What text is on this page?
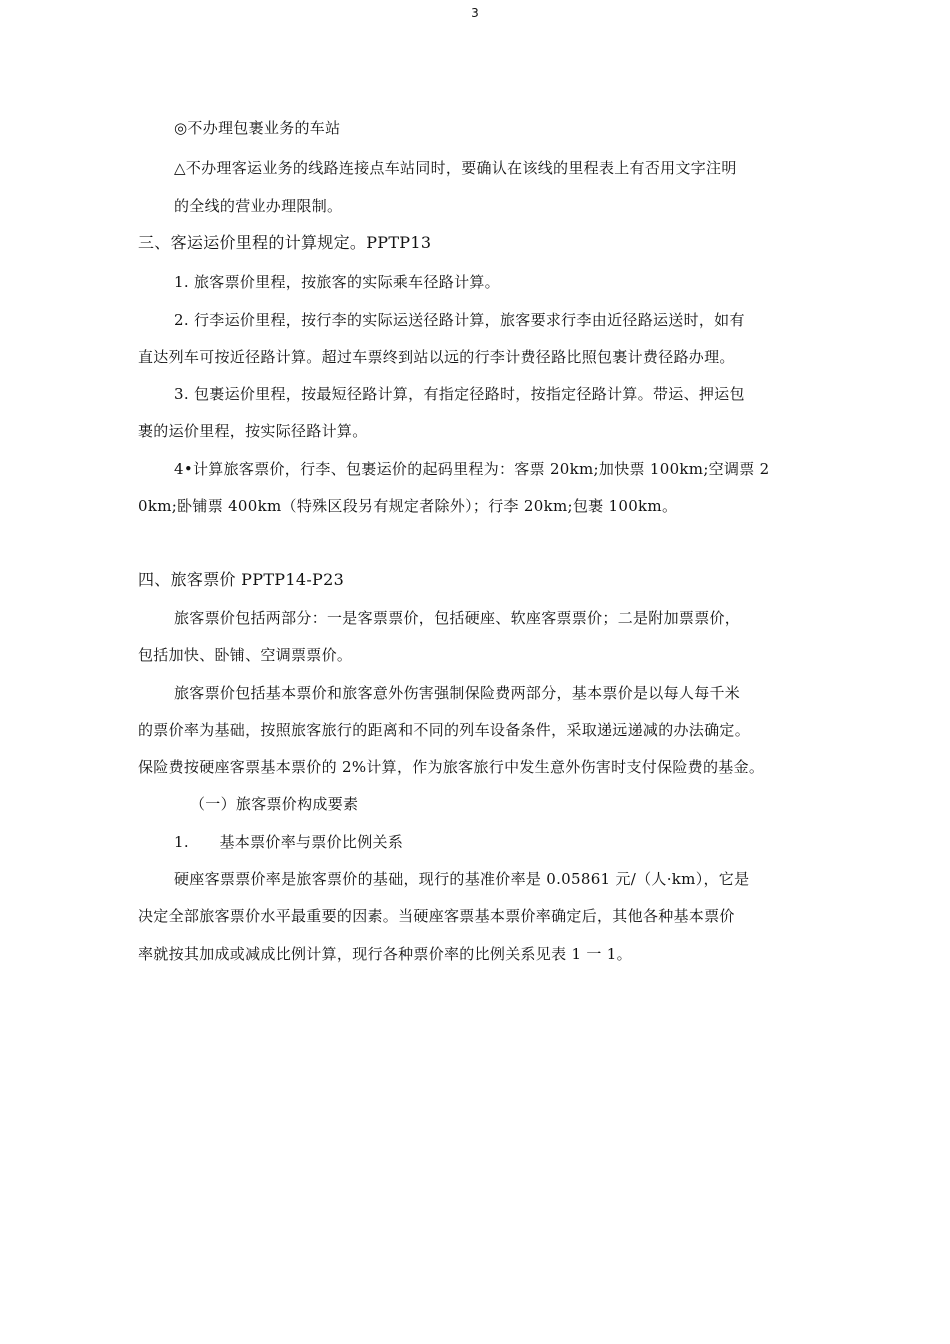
3
◎不办理包裹业务的车站
△不办理客运业务的线路连接点车站同时，要确认在该线的里程表上有否用文字注明
的全线的营业办理限制。
三、客运运价里程的计算规定。PPTP13
1. 旅客票价里程，按旅客的实际乘车径路计算。
2. 行李运价里程，按行李的实际运送径路计算，旅客要求行李由近径路运送时，如有
直达列车可按近径路计算。超过车票终到站以远的行李计费径路比照包裹计费径路办理。
3. 包裹运价里程，按最短径路计算，有指定径路时，按指定径路计算。带运、押运包
裹的运价里程，按实际径路计算。
4•计算旅客票价，行李、包裹运价的起码里程为：客票 20km;加快票 100km;空调票 2
0km;卧铺票 400km（特殊区段另有规定者除外）；行李 20km;包裹 100km。
四、旅客票价 PPTP14-P23
旅客票价包括两部分：一是客票票价，包括硬座、软座客票票价；二是附加票票价，
包括加快、卧铺、空调票票价。
旅客票价包括基本票价和旅客意外伤害强制保险费两部分，基本票价是以每人每千米
的票价率为基础，按照旅客旅行的距离和不同的列车设备条件，采取递远递减的办法确定。
保险费按硬座客票基本票价的 2%计算，作为旅客旅行中发生意外伤害时支付保险费的基金。
（一）旅客票价构成要素
1.　　基本票价率与票价比例关系
硬座客票票价率是旅客票价的基础，现行的基准价率是 0.05861 元/（人·km），它是
决定全部旅客票价水平最重要的因素。当硬座客票基本票价率确定后，其他各种基本票价
率就按其加成或减成比例计算，现行各种票价率的比例关系见表 1 一 1。
